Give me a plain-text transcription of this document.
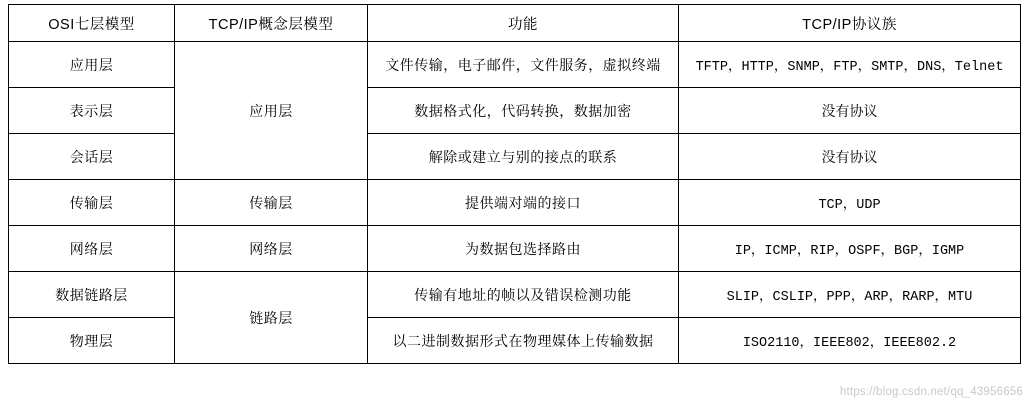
OSI七层模型	TCP/IP概念层模型	功能	TCP/IP协议族
应用层	应用层	文件传输，电子邮件，文件服务，虚拟终端	TFTP，HTTP，SNMP，FTP，SMTP，DNS，Telnet
表示层		数据格式化，代码转换，数据加密	没有协议
会话层		解除或建立与别的接点的联系	没有协议
传输层	传输层	提供端对端的接口	TCP，UDP
网络层	网络层	为数据包选择路由	IP，ICMP，RIP，OSPF，BGP，IGMP
数据链路层	链路层	传输有地址的帧以及错误检测功能	SLIP，CSLIP，PPP，ARP，RARP，MTU
物理层		以二进制数据形式在物理媒体上传输数据	ISO2110，IEEE802，IEEE802.2
https://blog.csdn.net/qq_43956656
